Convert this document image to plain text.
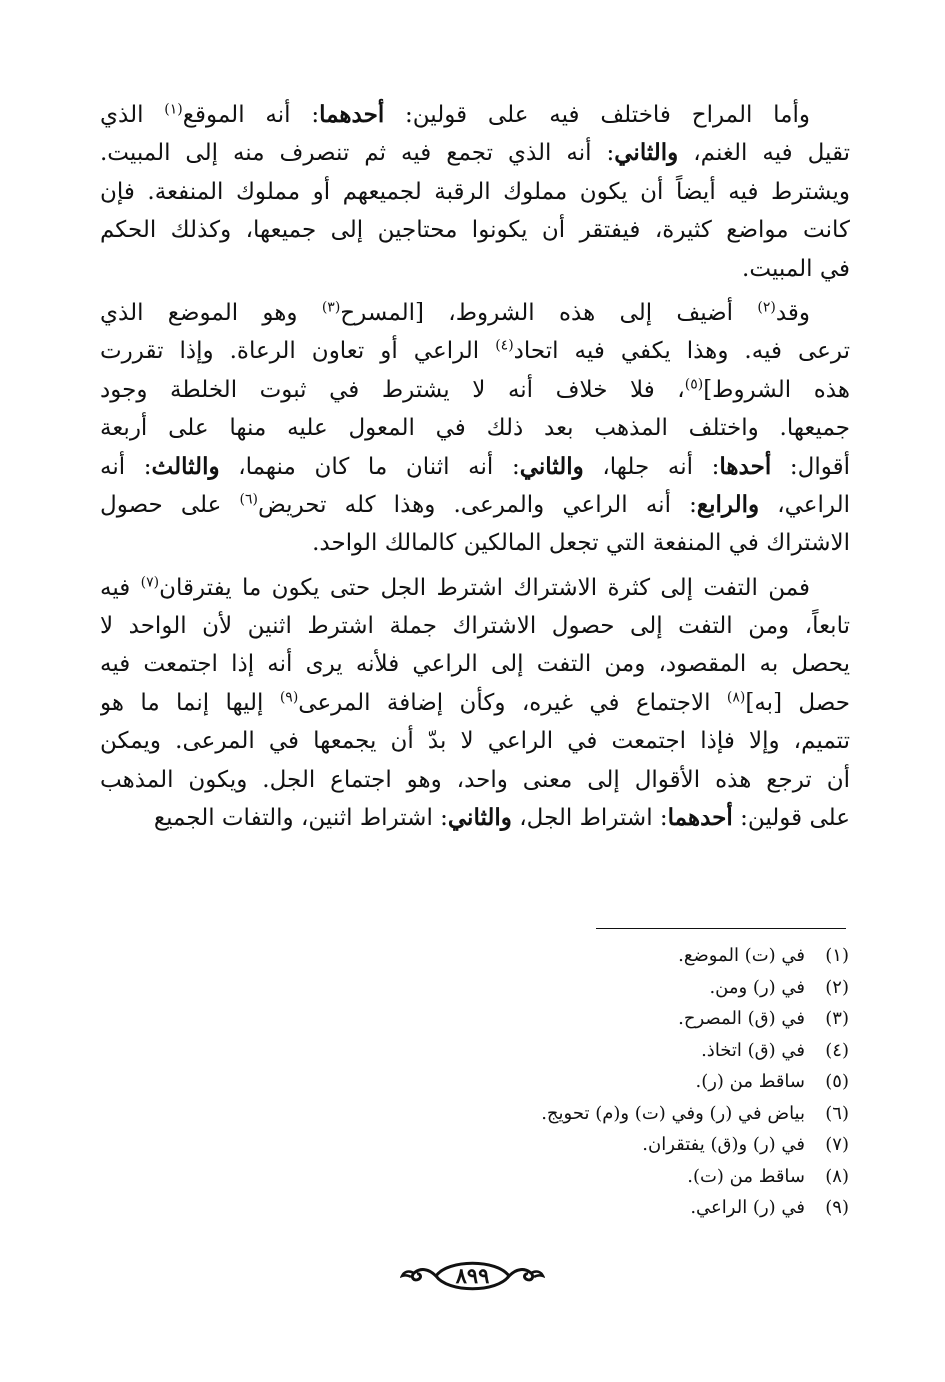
وأما المراح فاختلف فيه على قولين: أحدهما: أنه الموقع$^{(١)}$ الذي
تقيل فيه الغنم، والثاني: أنه الذي تجمع فيه ثم تنصرف منه إلى المبيت.
ويشترط فيه أيضاً أن يكون مملوك الرقبة لجميعهم أو مملوك المنفعة. فإن
كانت مواضع كثيرة، فيفتقر أن يكونوا محتاجين إلى جميعها، وكذلك الحكم
في المبيت.
وقد$^{(٢)}$ أضيف إلى هذه الشروط، [المسرح$^{(٣)}$ وهو الموضع الذي
ترعى فيه. وهذا يكفي فيه اتحاد$^{(٤)}$ الراعي أو تعاون الرعاة. وإذا تقررت
هذه الشروط]$^{(٥)}$، فلا خلاف أنه لا يشترط في ثبوت الخلطة وجود
جميعها. واختلف المذهب بعد ذلك في المعول عليه منها على أربعة
أقوال: أحدها: أنه جلها، والثاني: أنه اثنان ما كان منهما، والثالث: أنه
الراعي، والرابع: أنه الراعي والمرعى. وهذا كله تحريض$^{(٦)}$ على حصول
الاشتراك في المنفعة التي تجعل المالكين كالمالك الواحد.
فمن التفت إلى كثرة الاشتراك اشترط الجل حتى يكون ما يفترقان$^{(٧)}$ فيه
تابعاً، ومن التفت إلى حصول الاشتراك جملة اشترط اثنين لأن الواحد لا
يحصل به المقصود، ومن التفت إلى الراعي فلأنه يرى أنه إذا اجتمعت فيه
حصل [به]$^{(٨)}$ الاجتماع في غيره، وكأن إضافة المرعى$^{(٩)}$ إليها إنما ما هو
تتميم، وإلا فإذا اجتمعت في الراعي لا بدّ أن يجمعها في المرعى. ويمكن
أن ترجع هذه الأقوال إلى معنى واحد، وهو اجتماع الجل. ويكون المذهب
على قولين: أحدهما: اشتراط الجل، والثاني: اشتراط اثنين، والتفات الجميع
(١)في (ت) الموضع.
(٢)في (ر) ومن.
(٣)في (ق) المصرح.
(٤)في (ق) اتخاذ.
(٥)ساقط من (ر).
(٦)بياض في (ر) وفي (ت) و(م) تحويج.
(٧)في (ر) و(ق) يفتقران.
(٨)ساقط من (ت).
(٩)في (ر) الراعي.
٨٩٩
